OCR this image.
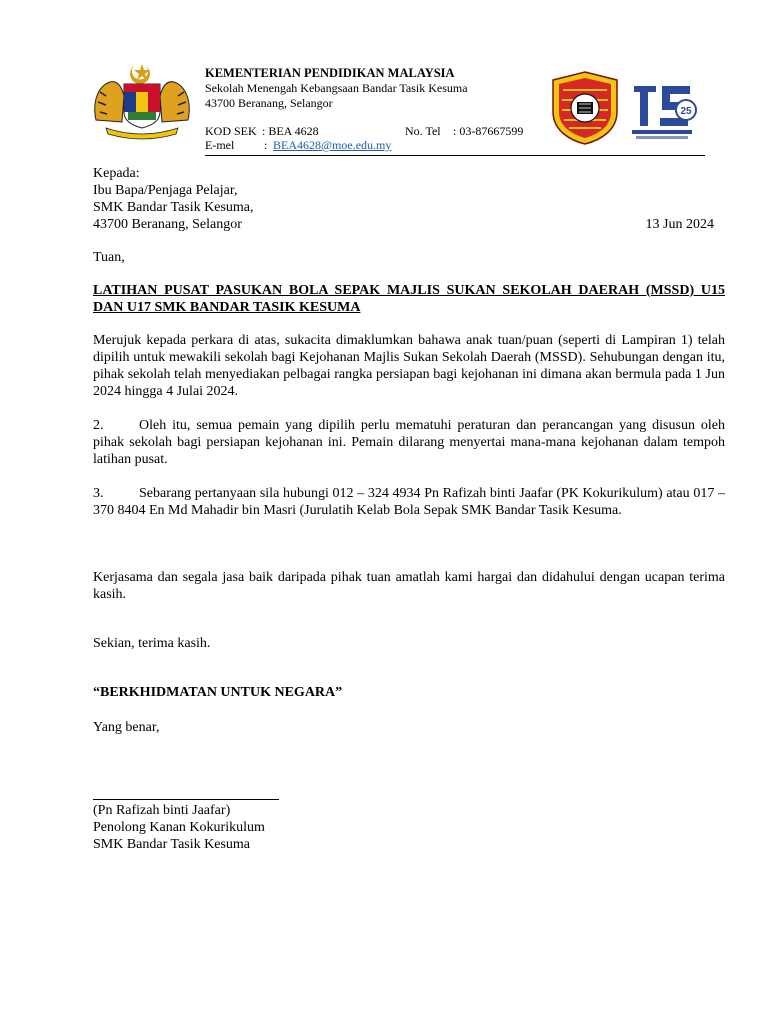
KEMENTERIAN PENDIDIKAN MALAYSIA
Sekolah Menengah Kebangsaan Bandar Tasik Kesuma
43700 Beranang, Selangor
KOD SEK : BEA 4628	No. Tel : 03-87667599
E-mel : BEA4628@moe.edu.my
25
Kepada:
Ibu Bapa/Penjaga Pelajar,
SMK Bandar Tasik Kesuma,
43700 Beranang, Selangor	13 Jun 2024
Tuan,
LATIHAN PUSAT PASUKAN BOLA SEPAK MAJLIS SUKAN SEKOLAH DAERAH (MSSD) U15 DAN U17 SMK BANDAR TASIK KESUMA
Merujuk kepada perkara di atas, sukacita dimaklumkan bahawa anak tuan/puan (seperti di Lampiran 1) telah dipilih untuk mewakili sekolah bagi Kejohanan Majlis Sukan Sekolah Daerah (MSSD). Sehubungan dengan itu, pihak sekolah telah menyediakan pelbagai rangka persiapan bagi kejohanan ini dimana akan bermula pada 1 Jun 2024 hingga 4 Julai 2024.
2.	Oleh itu, semua pemain yang dipilih perlu mematuhi peraturan dan perancangan yang disusun oleh pihak sekolah bagi persiapan kejohanan ini. Pemain dilarang menyertai mana-mana kejohanan dalam tempoh latihan pusat.
3.	Sebarang pertanyaan sila hubungi 012 – 324 4934 Pn Rafizah binti Jaafar (PK Kokurikulum) atau 017 – 370 8404 En Md Mahadir bin Masri (Jurulatih Kelab Bola Sepak SMK Bandar Tasik Kesuma.
Kerjasama dan segala jasa baik daripada pihak tuan amatlah kami hargai dan didahului dengan ucapan terima kasih.
Sekian, terima kasih.
“BERKHIDMATAN UNTUK NEGARA”
Yang benar,
(Pn Rafizah binti Jaafar)
Penolong Kanan Kokurikulum
SMK Bandar Tasik Kesuma
